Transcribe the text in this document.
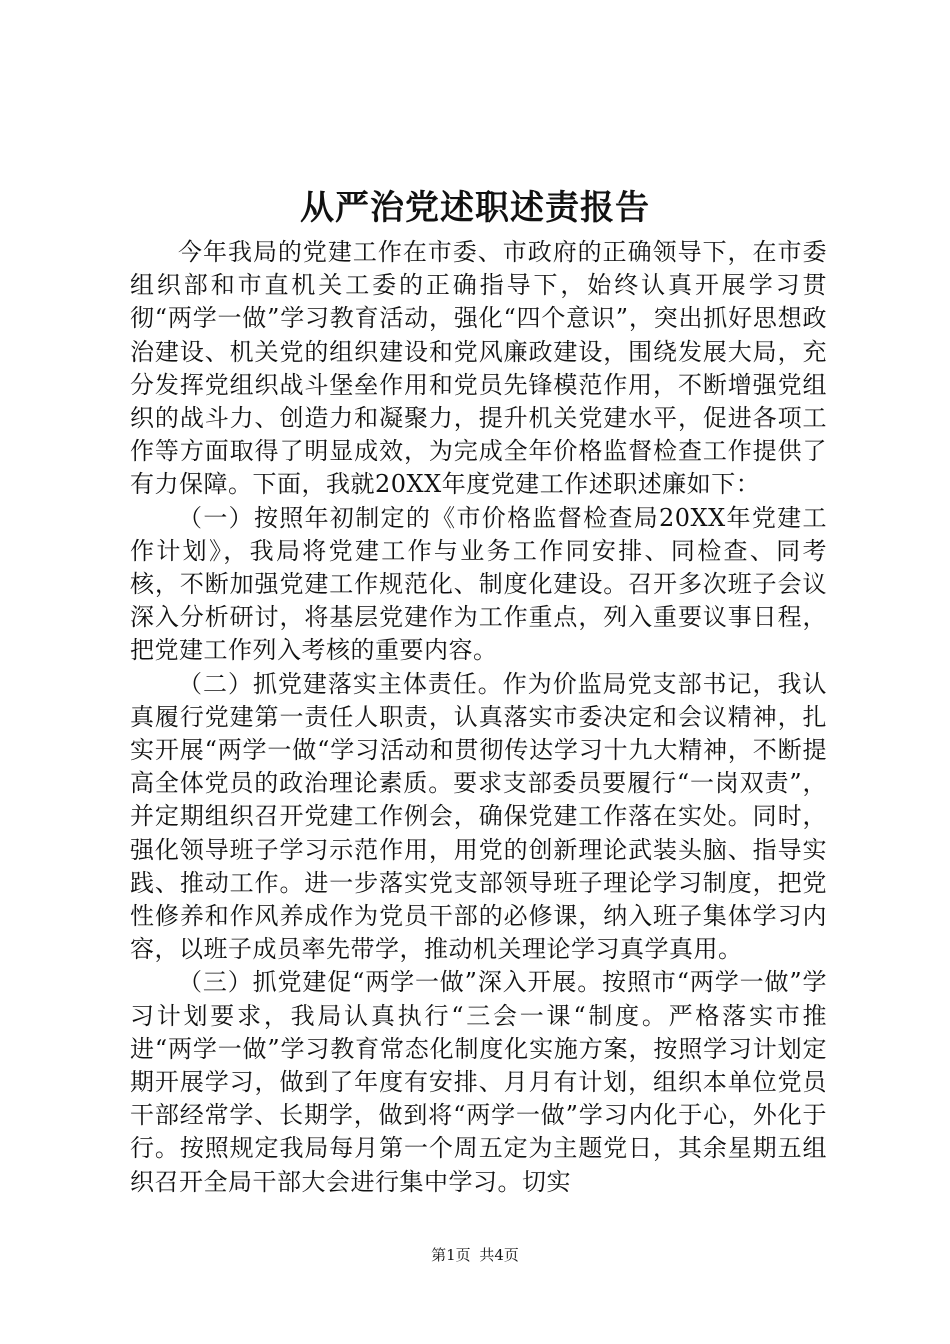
从严治党述职述责报告

今年我局的党建工作在市委、市政府的正确领导下，在市委组织部和市直机关工委的正确指导下，始终认真开展学习贯彻“两学一做”学习教育活动，强化“四个意识”，突出抓好思想政治建设、机关党的组织建设和党风廉政建设，围绕发展大局，充分发挥党组织战斗堡垒作用和党员先锋模范作用，不断增强党组织的战斗力、创造力和凝聚力，提升机关党建水平，促进各项工作等方面取得了明显成效，为完成全年价格监督检查工作提供了有力保障。下面，我就20XX年度党建工作述职述廉如下：

（一）按照年初制定的《市价格监督检查局20XX年党建工作计划》，我局将党建工作与业务工作同安排、同检查、同考核，不断加强党建工作规范化、制度化建设。召开多次班子会议深入分析研讨，将基层党建作为工作重点，列入重要议事日程，把党建工作列入考核的重要内容。

（二）抓党建落实主体责任。作为价监局党支部书记，我认真履行党建第一责任人职责，认真落实市委决定和会议精神，扎实开展“两学一做“学习活动和贯彻传达学习十九大精神，不断提高全体党员的政治理论素质。要求支部委员要履行“一岗双责”，并定期组织召开党建工作例会，确保党建工作落在实处。同时，强化领导班子学习示范作用，用党的创新理论武装头脑、指导实践、推动工作。进一步落实党支部领导班子理论学习制度，把党性修养和作风养成作为党员干部的必修课，纳入班子集体学习内容，以班子成员率先带学，推动机关理论学习真学真用。

（三）抓党建促“两学一做”深入开展。按照市“两学一做”学习计划要求，我局认真执行“三会一课“制度。严格落实市推进“两学一做”学习教育常态化制度化实施方案，按照学习计划定期开展学习，做到了年度有安排、月月有计划，组织本单位党员干部经常学、长期学，做到将“两学一做”学习内化于心，外化于行。按照规定我局每月第一个周五定为主题党日，其余星期五组织召开全局干部大会进行集中学习。切实

第1页 共4页
